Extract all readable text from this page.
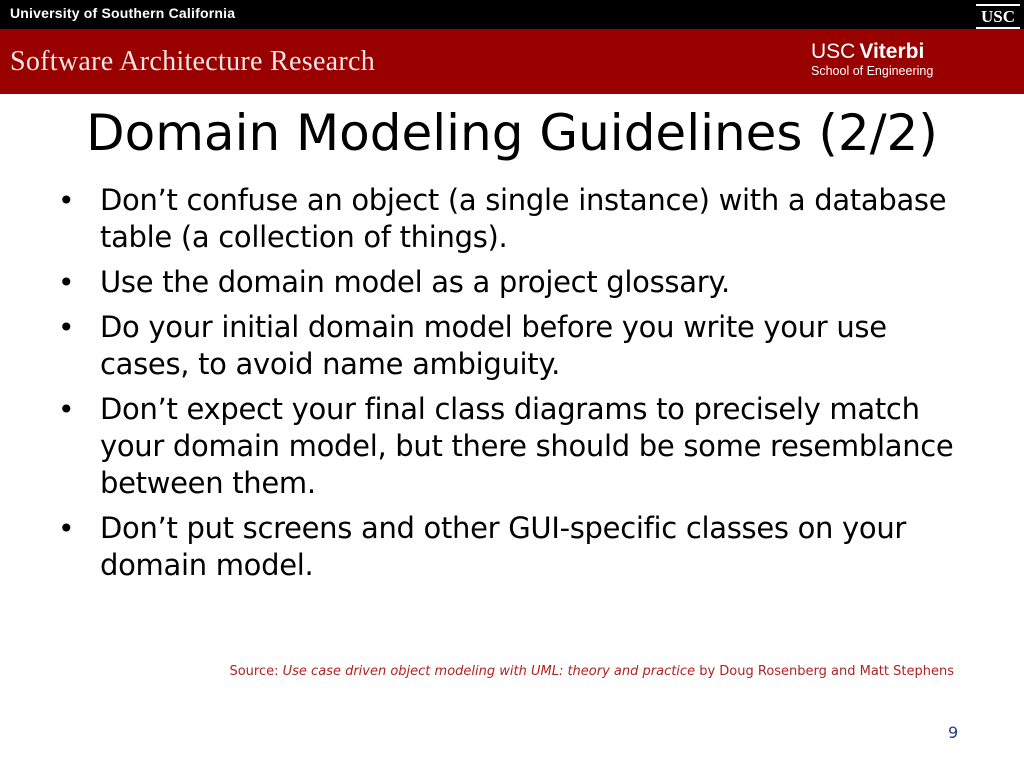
University of Southern California	USC
Software Architecture Research	USC Viterbi
School of Engineering
Domain Modeling Guidelines (2/2)
• Don’t confuse an object (a single instance) with a database table (a collection of things).
• Use the domain model as a project glossary.
• Do your initial domain model before you write your use cases, to avoid name ambiguity.
• Don’t expect your final class diagrams to precisely match your domain model, but there should be some resemblance between them.
• Don’t put screens and other GUI-specific classes on your domain model.
Source: Use case driven object modeling with UML: theory and practice by Doug Rosenberg and Matt Stephens
9
